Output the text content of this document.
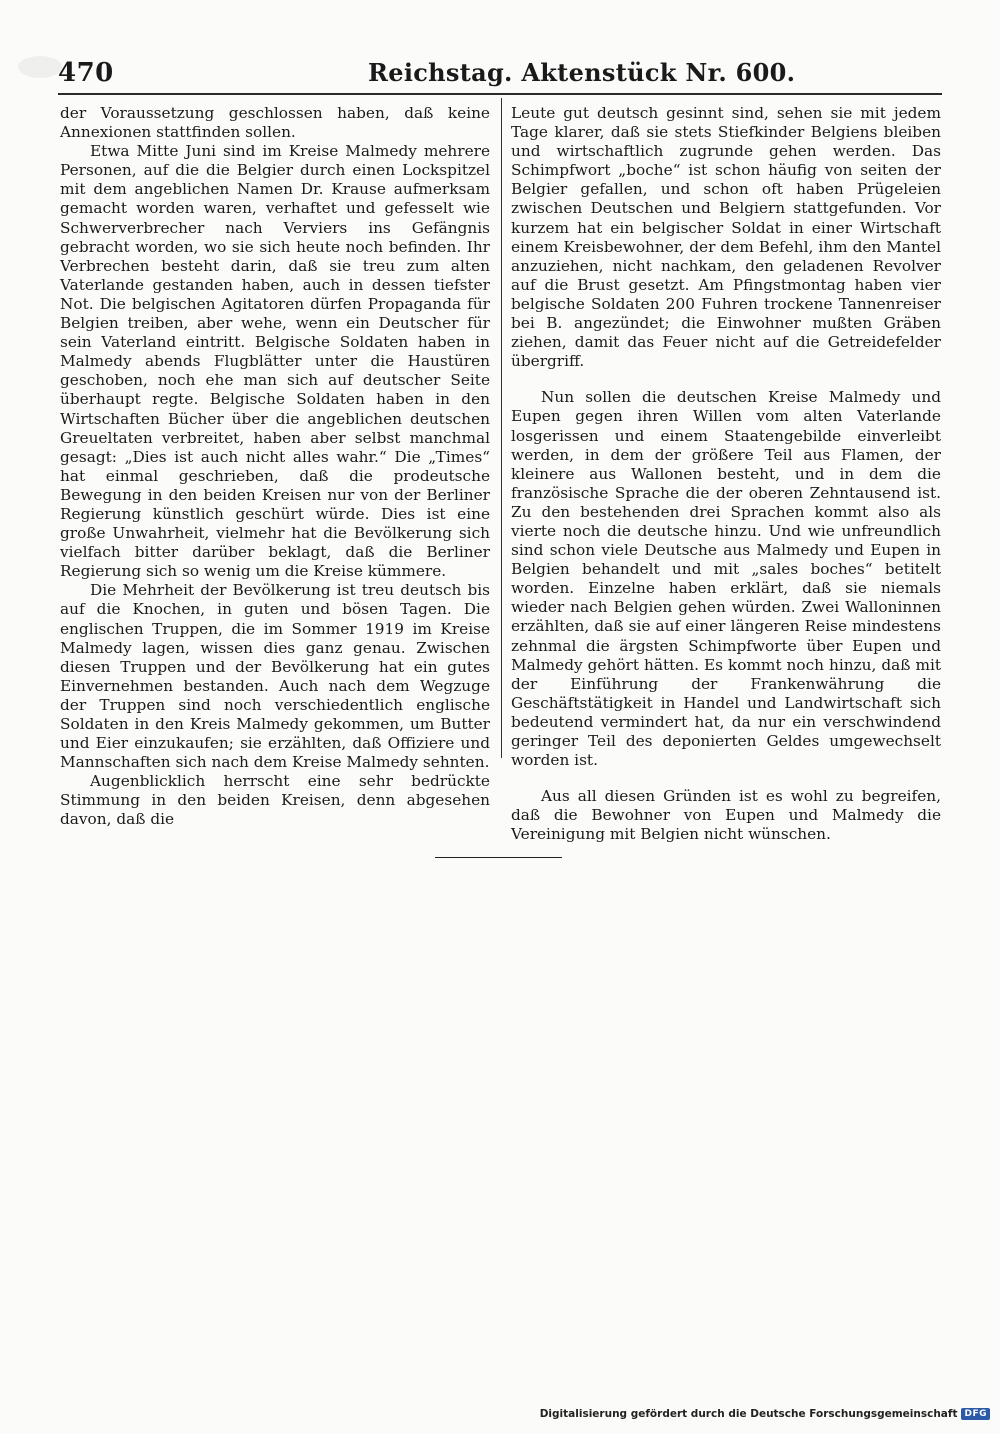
470	Reichstag. Aktenstück Nr. 600.

der Voraussetzung geschlossen haben, daß keine Annexionen stattfinden sollen.

Etwa Mitte Juni sind im Kreise Malmedy mehrere Personen, auf die die Belgier durch einen Lockspitzel mit dem angeblichen Namen Dr. Krause aufmerksam gemacht worden waren, verhaftet und gefesselt wie Schwerverbrecher nach Verviers ins Gefängnis gebracht worden, wo sie sich heute noch befinden. Ihr Verbrechen besteht darin, daß sie treu zum alten Vaterlande gestanden haben, auch in dessen tiefster Not. Die belgischen Agitatoren dürfen Propaganda für Belgien treiben, aber wehe, wenn ein Deutscher für sein Vaterland eintritt. Belgische Soldaten haben in Malmedy abends Flugblätter unter die Haustüren geschoben, noch ehe man sich auf deutscher Seite überhaupt regte. Belgische Soldaten haben in den Wirtschaften Bücher über die angeblichen deutschen Greueltaten verbreitet, haben aber selbst manchmal gesagt: „Dies ist auch nicht alles wahr.“ Die „Times“ hat einmal geschrieben, daß die prodeutsche Bewegung in den beiden Kreisen nur von der Berliner Regierung künstlich geschürt würde. Dies ist eine große Unwahrheit, vielmehr hat die Bevölkerung sich vielfach bitter darüber beklagt, daß die Berliner Regierung sich so wenig um die Kreise kümmere.

Die Mehrheit der Bevölkerung ist treu deutsch bis auf die Knochen, in guten und bösen Tagen. Die englischen Truppen, die im Sommer 1919 im Kreise Malmedy lagen, wissen dies ganz genau. Zwischen diesen Truppen und der Bevölkerung hat ein gutes Einvernehmen bestanden. Auch nach dem Wegzuge der Truppen sind noch verschiedentlich englische Soldaten in den Kreis Malmedy gekommen, um Butter und Eier einzukaufen; sie erzählten, daß Offiziere und Mannschaften sich nach dem Kreise Malmedy sehnten.

Augenblicklich herrscht eine sehr bedrückte Stimmung in den beiden Kreisen, denn abgesehen davon, daß die

Leute gut deutsch gesinnt sind, sehen sie mit jedem Tage klarer, daß sie stets Stiefkinder Belgiens bleiben und wirtschaftlich zugrunde gehen werden. Das Schimpfwort „boche“ ist schon häufig von seiten der Belgier gefallen, und schon oft haben Prügeleien zwischen Deutschen und Belgiern stattgefunden. Vor kurzem hat ein belgischer Soldat in einer Wirtschaft einem Kreisbewohner, der dem Befehl, ihm den Mantel anzuziehen, nicht nachkam, den geladenen Revolver auf die Brust gesetzt. Am Pfingstmontag haben vier belgische Soldaten 200 Fuhren trockene Tannenreiser bei B. angezündet; die Einwohner mußten Gräben ziehen, damit das Feuer nicht auf die Getreidefelder übergriff.

Nun sollen die deutschen Kreise Malmedy und Eupen gegen ihren Willen vom alten Vaterlande losgerissen und einem Staatengebilde einverleibt werden, in dem der größere Teil aus Flamen, der kleinere aus Wallonen besteht, und in dem die französische Sprache die der oberen Zehntausend ist. Zu den bestehenden drei Sprachen kommt also als vierte noch die deutsche hinzu. Und wie unfreundlich sind schon viele Deutsche aus Malmedy und Eupen in Belgien behandelt und mit „sales boches“ betitelt worden. Einzelne haben erklärt, daß sie niemals wieder nach Belgien gehen würden. Zwei Walloninnen erzählten, daß sie auf einer längeren Reise mindestens zehnmal die ärgsten Schimpfworte über Eupen und Malmedy gehört hätten. Es kommt noch hinzu, daß mit der Einführung der Frankenwährung die Geschäftstätigkeit in Handel und Landwirtschaft sich bedeutend vermindert hat, da nur ein verschwindend geringer Teil des deponierten Geldes umgewechselt worden ist.

Aus all diesen Gründen ist es wohl zu begreifen, daß die Bewohner von Eupen und Malmedy die Vereinigung mit Belgien nicht wünschen.

Digitalisierung gefördert durch die Deutsche Forschungsgemeinschaft DFG
